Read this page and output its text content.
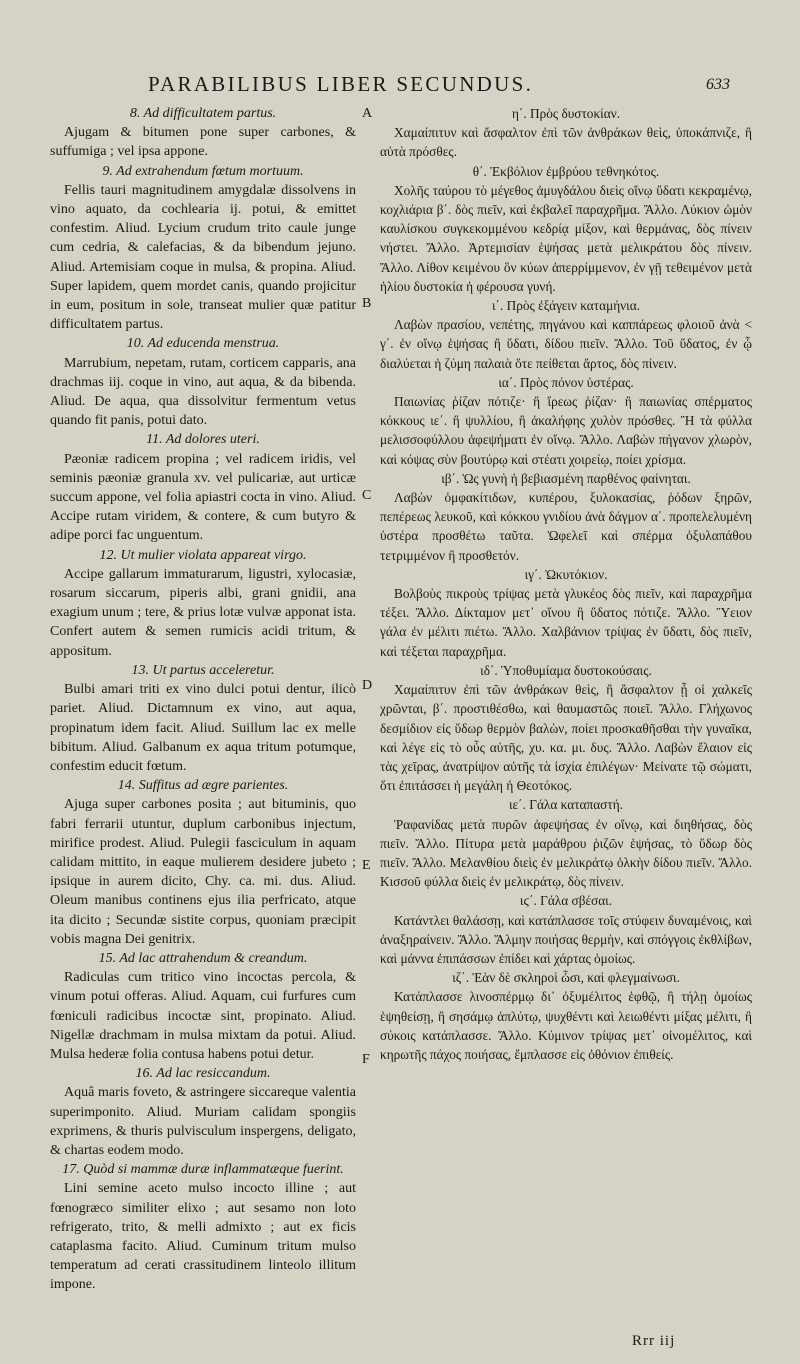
PARABILIBUS LIBER SECUNDUS.	633
8. Ad difficultatem partus.
Ajugam & bitumen pone super carbones, & suffumiga ; vel ipsa appone.
9. Ad extrahendum fœtum mortuum.
Fellis tauri magnitudinem amygdalæ dissolvens in vino aquato, da cochlearia ij. potui, & emittet confestim. Aliud. Lycium crudum trito caule junge cum cedria, & calefacias, & da bibendum jejuno. Aliud. Artemisiam coque in mulsa, & propina. Aliud. Super lapidem, quem mordet canis, quando projicitur in eum, positum in sole, transeat mulier quæ patitur difficultatem partus.
10. Ad educenda menstrua.
Marrubium, nepetam, rutam, corticem capparis, ana drachmas iij. coque in vino, aut aqua, & da bibenda. Aliud. De aqua, qua dissolvitur fermentum vetus quando fit panis, potui dato.
11. Ad dolores uteri.
Pæoniæ radicem propina ; vel radicem iridis, vel seminis pæoniæ granula xv. vel pulicariæ, aut urticæ succum appone, vel folia apiastri cocta in vino. Aliud. Accipe rutam viridem, & contere, & cum butyro & adipe porci fac unguentum.
12. Ut mulier violata appareat virgo.
Accipe gallarum immaturarum, ligustri, xylocasiæ, rosarum siccarum, piperis albi, grani gnidii, ana exagium unum ; tere, & prius lotæ vulvæ apponat ista. Confert autem & semen rumicis acidi tritum, & appositum.
13. Ut partus acceleretur.
Bulbi amari triti ex vino dulci potui dentur, ilicò pariet. Aliud. Dictamnum ex vino, aut aqua, propinatum idem facit. Aliud. Suillum lac ex melle bibitum. Aliud. Galbanum ex aqua tritum potumque, confestim educit fœtum.
14. Suffitus ad ægre parientes.
Ajuga super carbones posita ; aut bituminis, quo fabri ferrarii utuntur, duplum carbonibus injectum, mirifice prodest. Aliud. Pulegii fasciculum in aquam calidam mittito, in eaque mulierem desidere jubeto ; ipsique in aurem dicito, Chy. ca. mi. dus. Aliud. Oleum manibus continens ejus ilia perfricato, atque ita dicito ; Secundæ sistite corpus, quoniam præcipit vobis magna Dei genitrix.
15. Ad lac attrahendum & creandum.
Radiculas cum tritico vino incoctas percola, & vinum potui offeras. Aliud. Aquam, cui furfures cum fœniculi radicibus incoctæ sint, propinato. Aliud. Nigellæ drachmam in mulsa mixtam da potui. Aliud. Mulsa hederæ folia contusa habens potui detur.
16. Ad lac resiccandum.
Aquâ maris foveto, & astringere siccareque valentia superimponito. Aliud. Muriam calidam spongiis exprimens, & thuris pulvisculum inspergens, deligato, & chartas eodem modo.
17. Quòd si mammæ duræ inflammatæque fuerint.
Lini semine aceto mulso incocto illine ; aut fœnogræco similiter elixo ; aut sesamo non loto refrigerato, trito, & melli admixto ; aut ex ficis cataplasma facito. Aliud. Cuminum tritum mulso temperatum ad cerati crassitudinem linteolo illitum impone.
A
B
C
D
E
F
η΄. Πρὸς δυστοκίαν.
Χαμαίπιτυν καὶ ἄσφαλτον ἐπὶ τῶν ἀνθράκων θεὶς, ὑποκάπνιζε, ἢ αὐτὰ πρόσθες.
θ΄. Ἐκβόλιον ἐμβρύου τεθνηκότος.
Χολῆς ταύρου τὸ μέγεθος ἀμυγδάλου διεὶς οἴνῳ ὕδατι κεκραμένῳ, κοχλιάρια β΄. δὸς πιεῖν, καὶ ἐκβαλεῖ παραχρῆμα. Ἄλλο. Λύκιον ὠμὸν καυλίσκου συγκεκομμένου κεδρίᾳ μίξον, καὶ θερμάνας, δὸς πίνειν νήστει. Ἄλλο. Ἀρτεμισίαν ἑψήσας μετὰ μελικράτου δὸς πίνειν. Ἄλλο. Λίθον κειμένου ὃν κύων ἀπερρίμμενον, ἐν γῇ τεθειμένον μετὰ ἡλίου δυστοκία ἡ φέρουσα γυνή.
ι΄. Πρὸς ἐξάγειν καταμήνια.
Λαβὼν πρασίου, νεπέτης, πηγάνου καὶ καππάρεως φλοιοῦ ἀνὰ < γ΄. ἐν οἴνῳ ἑψήσας ἢ ὕδατι, δίδου πιεῖν. Ἄλλο. Τοῦ ὕδατος, ἐν ᾧ διαλύεται ἡ ζύμη παλαιὰ ὅτε πείθεται ἄρτος, δὸς πίνειν.
ια΄. Πρὸς πόνον ὑστέρας.
Παιωνίας ῥίζαν πότιζε· ἢ ἴρεως ῥίζαν· ἢ παιωνίας σπέρματος κόκκους ιε΄. ἢ ψυλλίου, ἢ ἀκαλήφης χυλὸν πρόσθες. Ἢ τὰ φύλλα μελισσοφύλλου ἀφεψήματι ἐν οἴνῳ. Ἄλλο. Λαβὼν πήγανον χλωρὸν, καὶ κόψας σὺν βουτύρῳ καὶ στέατι χοιρείῳ, ποίει χρίσμα.
ιβ΄. Ὡς γυνὴ ἡ βεβιασμένη παρθένος φαίνηται.
Λαβὼν ὀμφακίτιδων, κυπέρου, ξυλοκασίας, ῥόδων ξηρῶν, πεπέρεως λευκοῦ, καὶ κόκκου γνιδίου ἀνὰ δάγμον α΄. προπελελυμένη ὑστέρα προσθέτω ταῦτα. Ὠφελεῖ καὶ σπέρμα ὀξυλαπάθου τετριμμένον ἢ προσθετόν.
ιγ΄. Ὠκυτόκιον.
Βολβοὺς πικροὺς τρίψας μετὰ γλυκέος δὸς πιεῖν, καὶ παραχρῆμα τέξει. Ἄλλο. Δίκταμον μετ᾽ οἴνου ἢ ὕδατος πότιζε. Ἄλλο. Ὕειον γάλα ἐν μέλιτι πιέτω. Ἄλλο. Χαλβάνιον τρίψας ἐν ὕδατι, δὸς πιεῖν, καὶ τέξεται παραχρῆμα.
ιδ΄. Ὑποθυμίαμα δυστοκούσαις.
Χαμαίπιτυν ἐπὶ τῶν ἀνθράκων θεὶς, ἢ ἄσφαλτον ᾗ οἱ χαλκεῖς χρῶνται, β΄. προστιθέσθω, καὶ θαυμαστῶς ποιεῖ. Ἄλλο. Γλήχωνος δεσμίδιον εἰς ὕδωρ θερμὸν βαλὼν, ποίει προσκαθῆσθαι τὴν γυναῖκα, καὶ λέγε εἰς τὸ οὖς αὐτῆς, χυ. κα. μι. δυς. Ἄλλο. Λαβὼν ἔλαιον εἰς τὰς χεῖρας, ἀνατρίψον αὐτῆς τὰ ἰσχία ἐπιλέγων· Μείνατε τῷ σώματι, ὅτι ἐπιτάσσει ἡ μεγάλη ἡ Θεοτόκος.
ιε΄. Γάλα καταπαστή.
Ῥαφανίδας μετὰ πυρῶν ἀφεψήσας ἐν οἴνῳ, καὶ διηθήσας, δὸς πιεῖν. Ἄλλο. Πίτυρα μετὰ μαράθρου ῥιζῶν ἑψήσας, τὸ ὕδωρ δὸς πιεῖν. Ἄλλο. Μελανθίου διεὶς ἐν μελικράτῳ ὁλκὴν δίδου πιεῖν. Ἄλλο. Κισσοῦ φύλλα διεὶς ἐν μελικράτῳ, δὸς πίνειν.
ιϛ΄. Γάλα σβέσαι.
Κατάντλει θαλάσσῃ, καὶ κατάπλασσε τοῖς στύφειν δυναμένοις, καὶ ἀναξηραίνειν. Ἄλλο. Ἅλμην ποιήσας θερμὴν, καὶ σπόγγοις ἐκθλίβων, καὶ μάννα ἐπιπάσσων ἐπίδει καὶ χάρτας ὁμοίως.
ιζ΄. Ἐὰν δὲ σκληροὶ ὦσι, καὶ φλεγμαίνωσι.
Κατάπλασσε λινοσπέρμῳ δι᾽ ὀξυμέλιτος ἑφθῷ, ἢ τήλῃ ὁμοίως ἑψηθείσῃ, ἢ σησάμῳ ἀπλύτῳ, ψυχθέντι καὶ λειωθέντι μίξας μέλιτι, ἢ σύκοις κατάπλασσε. Ἄλλο. Κύμινον τρίψας μετ᾽ οἰνομέλιτος, καὶ κηρωτῆς πάχος ποιήσας, ἔμπλασσε εἰς ὀθόνιον ἐπιθείς.
Rrr iij
